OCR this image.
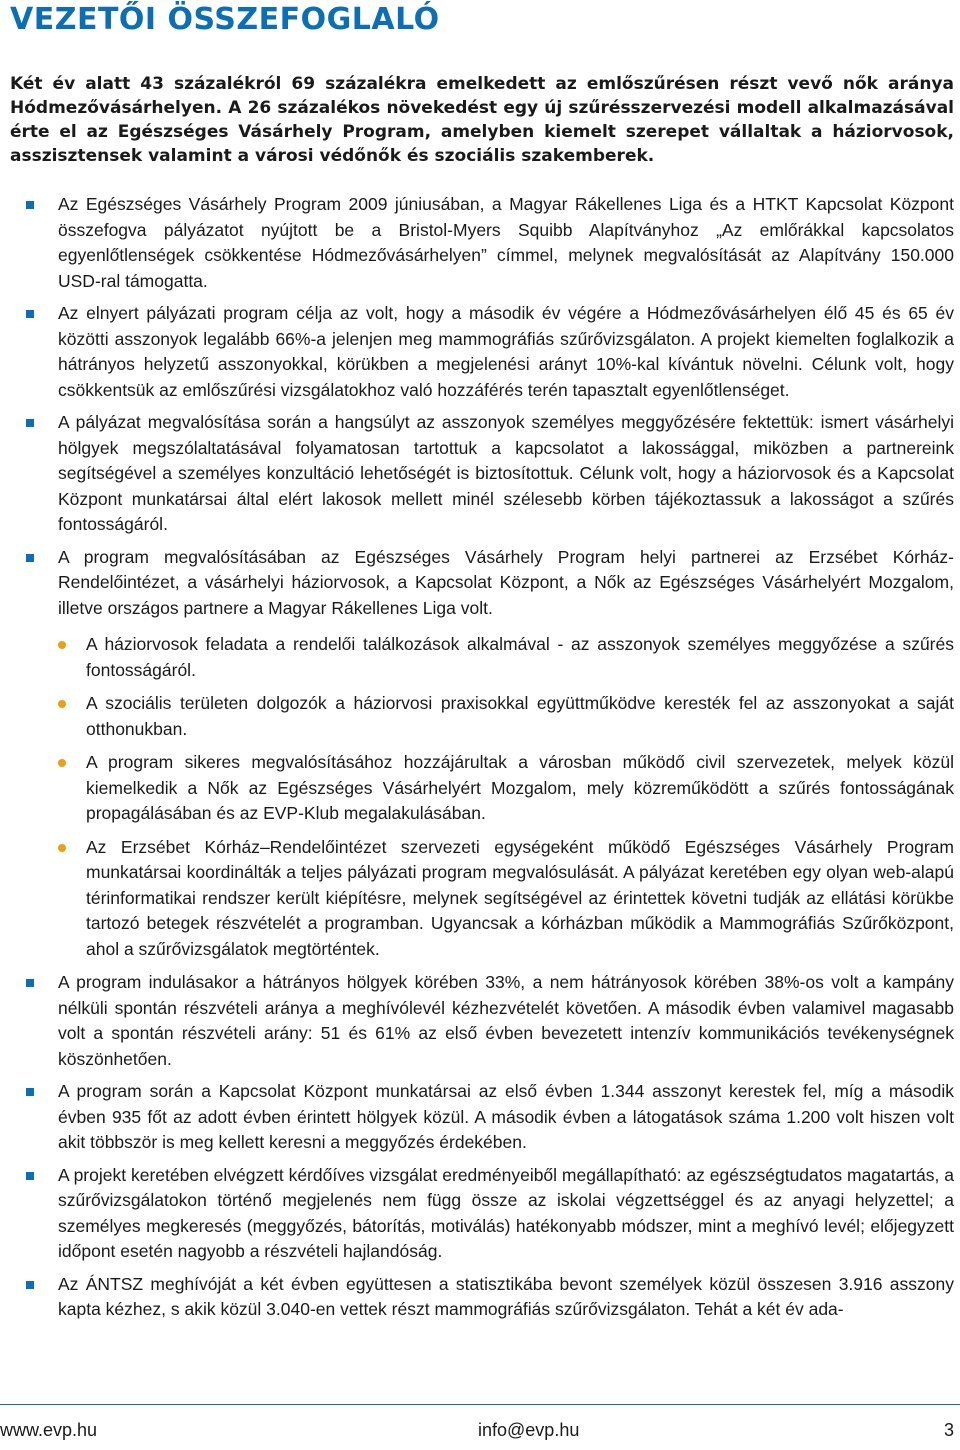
VEZETŐI ÖSSZEFOGLALÓ

Két év alatt 43 százalékról 69 százalékra emelkedett az emlőszűrésen részt vevő nők aránya Hódmezővásárhelyen. A 26 százalékos növekedést egy új szűrésszervezési modell alkalmazásával érte el az Egészséges Vásárhely Program, amelyben kiemelt szerepet vállaltak a háziorvosok, asszisztensek valamint a városi védőnők és szociális szakemberek.

Az Egészséges Vásárhely Program 2009 júniusában, a Magyar Rákellenes Liga és a HTKT Kapcsolat Központ összefogva pályázatot nyújtott be a Bristol-Myers Squibb Alapítványhoz „Az emlőrákkal kapcsolatos egyenlőtlenségek csökkentése Hódmezővásárhelyen” címmel, melynek megvalósítását az Alapítvány 150.000 USD-ral támogatta.
Az elnyert pályázati program célja az volt, hogy a második év végére a Hódmezővásárhelyen élő 45 és 65 év közötti asszonyok legalább 66%-a jelenjen meg mammográfiás szűrővizsgálaton. A projekt kiemelten foglalkozik a hátrányos helyzetű asszonyokkal, körükben a megjelenési arányt 10%-kal kívántuk növelni. Célunk volt, hogy csökkentsük az emlőszűrési vizsgálatokhoz való hozzáférés terén tapasztalt egyenlőtlenséget.
A pályázat megvalósítása során a hangsúlyt az asszonyok személyes meggyőzésére fektettük: ismert vásárhelyi hölgyek megszólaltatásával folyamatosan tartottuk a kapcsolatot a lakossággal, miközben a partnereink segítségével a személyes konzultáció lehetőségét is biztosítottuk. Célunk volt, hogy a háziorvosok és a Kapcsolat Központ munkatársai által elért lakosok mellett minél szélesebb körben tájékoztassuk a lakosságot a szűrés fontosságáról.
A program megvalósításában az Egészséges Vásárhely Program helyi partnerei az Erzsébet Kórház- Rendelőintézet, a vásárhelyi háziorvosok, a Kapcsolat Központ, a Nők az Egészséges Vásárhelyért Mozgalom, illetve országos partnere a Magyar Rákellenes Liga volt.
A háziorvosok feladata a rendelői találkozások alkalmával - az asszonyok személyes meggyőzése a szűrés fontosságáról.
A szociális területen dolgozók a háziorvosi praxisokkal együttműködve keresték fel az asszonyokat a saját otthonukban.
A program sikeres megvalósításához hozzájárultak a városban működő civil szervezetek, melyek közül kiemelkedik a Nők az Egészséges Vásárhelyért Mozgalom, mely közreműködött a szűrés fontosságának propagálásában és az EVP-Klub megalakulásában.
Az Erzsébet Kórház–Rendelőintézet szervezeti egységeként működő Egészséges Vásárhely Program munkatársai koordinálták a teljes pályázati program megvalósulását. A pályázat keretében egy olyan web-alapú térinformatikai rendszer került kiépítésre, melynek segítségével az érintettek követni tudják az ellátási körükbe tartozó betegek részvételét a programban. Ugyancsak a kórházban működik a Mammográfiás Szűrőközpont, ahol a szűrővizsgálatok megtörténtek.
A program indulásakor a hátrányos hölgyek körében 33%, a nem hátrányosok körében 38%-os volt a kampány nélküli spontán részvételi aránya a meghívólevél kézhezvételét követően. A második évben valamivel magasabb volt a spontán részvételi arány: 51 és 61% az első évben bevezetett intenzív kommunikációs tevékenységnek köszönhetően.
A program során a Kapcsolat Központ munkatársai az első évben 1.344 asszonyt kerestek fel, míg a második évben 935 főt az adott évben érintett hölgyek közül. A második évben a látogatások száma 1.200 volt hiszen volt akit többször is meg kellett keresni a meggyőzés érdekében.
A projekt keretében elvégzett kérdőíves vizsgálat eredményeiből megállapítható: az egészségtudatos magatartás, a szűrővizsgálatokon történő megjelenés nem függ össze az iskolai végzettséggel és az anyagi helyzettel; a személyes megkeresés (meggyőzés, bátorítás, motiválás) hatékonyabb módszer, mint a meghívó levél; előjegyzett időpont esetén nagyobb a részvételi hajlandóság.
Az ÁNTSZ meghívóját a két évben együttesen a statisztikába bevont személyek közül összesen 3.916 asszony kapta kézhez, s akik közül 3.040-en vettek részt mammográfiás szűrővizsgálaton. Tehát a két év ada-
www.evp.hu	info@evp.hu	3
